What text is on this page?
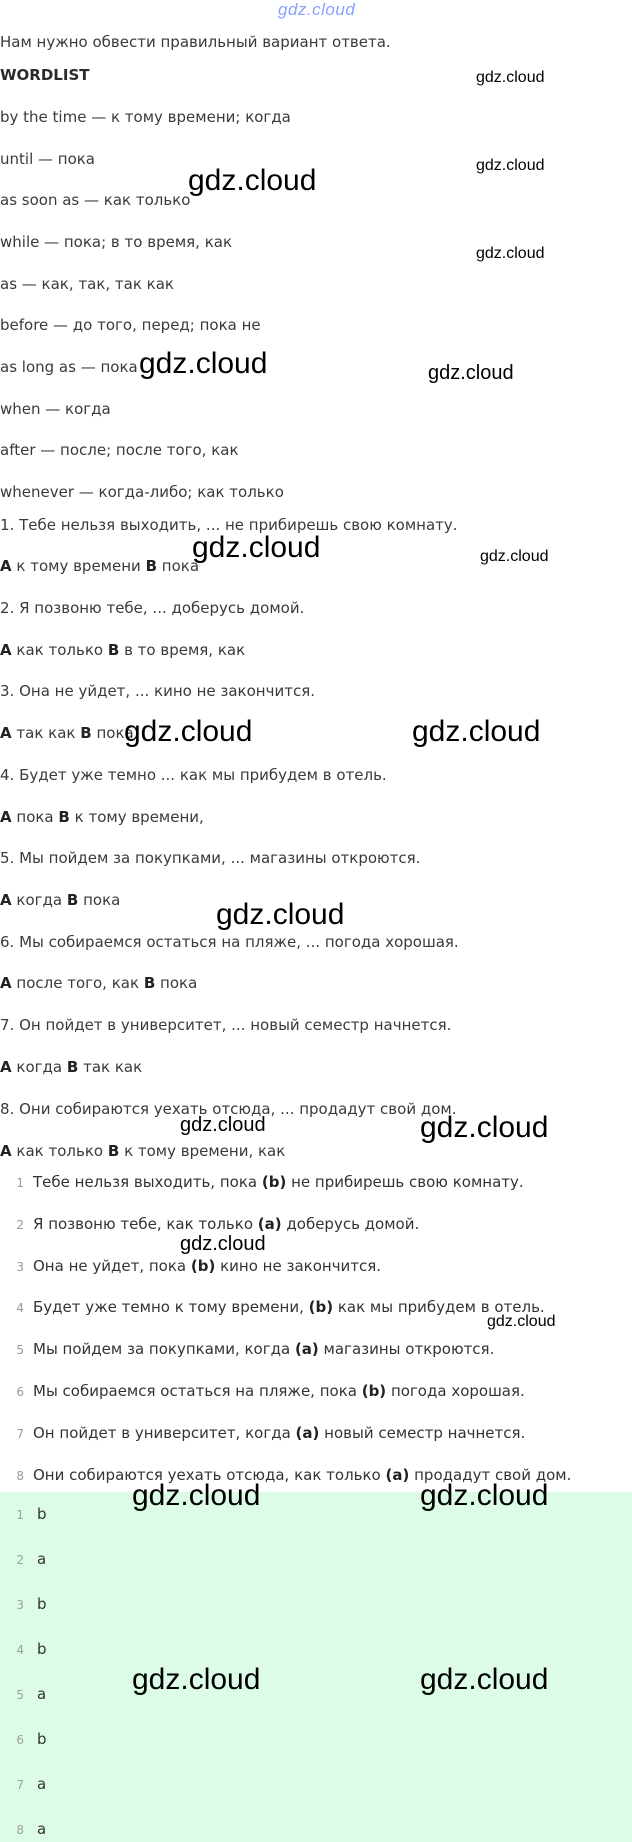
gdz.cloud
Нам нужно обвести правильный вариант ответа.
WORDLIST
by the time — к тому времени; когда
until — пока
as soon as — как только
while — пока; в то время, как
as — как, так, так как
before — до того, перед; пока не
as long as — пока
when — когда
after — после; после того, как
whenever — когда-либо; как только
1. Тебе нельзя выходить, ... не прибирешь свою комнату.
A к тому времени B пока
2. Я позвоню тебе, ... доберусь домой.
A как только B в то время, как
3. Она не уйдет, ... кино не закончится.
A так как B пока
4. Будет уже темно ... как мы прибудем в отель.
A пока B к тому времени,
5. Мы пойдем за покупками, ... магазины откроются.
A когда B пока
6. Мы собираемся остаться на пляже, ... погода хорошая.
A после того, как B пока
7. Он пойдет в университет, ... новый семестр начнется.
A когда B так как
8. Они собираются уехать отсюда, ... продадут свой дом.
A как только B к тому времени, как
1 Тебе нельзя выходить, пока (b) не прибирешь свою комнату.
2 Я позвоню тебе, как только (a) доберусь домой.
3 Она не уйдет, пока (b) кино не закончится.
4 Будет уже темно к тому времени, (b) как мы прибудем в отель.
5 Мы пойдем за покупками, когда (a) магазины откроются.
6 Мы собираемся остаться на пляже, пока (b) погода хорошая.
7 Он пойдет в университет, когда (a) новый семестр начнется.
8 Они собираются уехать отсюда, как только (a) продадут свой дом.
1 b
2 a
3 b
4 b
5 a
6 b
7 a
8 a
gdz.cloud
gdz.cloud
gdz.cloud
gdz.cloud
gdz.cloud	gdz.cloud
gdz.cloud	gdz.cloud
gdz.cloud	gdz.cloud
gdz.cloud
gdz.cloud	gdz.cloud
gdz.cloud
gdz.cloud
gdz.cloud	gdz.cloud
gdz.cloud	gdz.cloud
